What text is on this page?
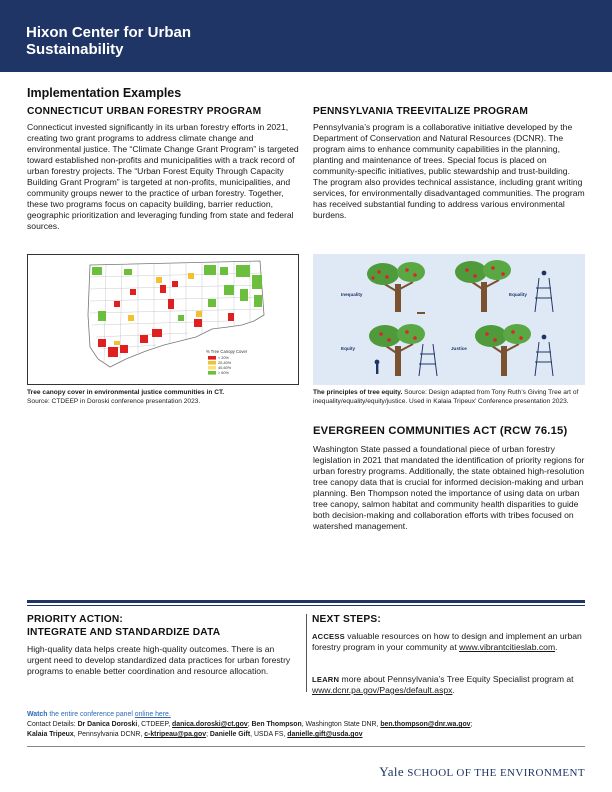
Hixon Center for Urban Sustainability
Implementation Examples
CONNECTICUT URBAN FORESTRY PROGRAM
Connecticut invested significantly in its urban forestry efforts in 2021, creating two grant programs to address climate change and environmental justice. The “Climate Change Grant Program” is targeted toward established non-profits and municipalities with a track record of urban forestry projects. The “Urban Forest Equity Through Capacity Building Grant Program” is targeted at non-profits, municipalities, and community groups newer to the practice of urban forestry. Together, these two programs focus on capacity building, barrier reduction, geographic prioritization and leveraging funding from state and federal sources.
% Tree Canopy Cover
< 20%
20-40%
40-60%
> 60%
Tree canopy cover in environmental justice communities in CT.
Source: CTDEEP in Doroski conference presentation 2023.
PENNSYLVANIA TREEVITALIZE PROGRAM
Pennsylvania’s program is a collaborative initiative developed by the Department of Conservation and Natural Resources (DCNR). The program aims to enhance community capabilities in the planning, planting and maintenance of trees. Special focus is placed on community-specific initiatives, public stewardship and trust-building. The program also provides technical assistance, including grant writing services, for environmentally disadvantaged communities. The program has received substantial funding to address various environmental burdens.
Inequality	Equality
Equity	Justice
The principles of tree equity. Source: Design adapted from Tony Ruth’s Giving Tree art of inequality/equality/equity/justice. Used in Kalaia Tripeux’ Conference presentation 2023.
EVERGREEN COMMUNITIES ACT (RCW 76.15)
Washington State passed a foundational piece of urban forestry legislation in 2021 that mandated the identification of priority regions for urban forestry programs. Additionally, the state obtained high-resolution tree canopy data that is crucial for informed decision-making and urban planning. Ben Thompson noted the importance of using data on urban tree canopy, salmon habitat and community health disparities to guide both decision-making and collaboration efforts with tribes focused on watershed management.
PRIORITY ACTION:
INTEGRATE AND STANDARDIZE DATA
High-quality data helps create high-quality outcomes. There is an urgent need to develop standardized data practices for urban forestry programs to enable better coordination and resource allocation.
NEXT STEPS:
ACCESS valuable resources on how to design and implement an urban forestry program in your community at www.vibrantcitieslab.com.
LEARN more about Pennsylvania’s Tree Equity Specialist program at www.dcnr.pa.gov/Pages/default.aspx.
Watch the entire conference panel online here.
Contact Details: Dr Danica Doroski, CTDEEP, danica.doroski@ct.gov; Ben Thompson, Washington State DNR, ben.thompson@dnr.wa.gov;
Kalaia Tripeux, Pennsylvania DCNR, c-ktripeau@pa.gov; Danielle Gift, USDA FS, danielle.gift@usda.gov
Yale SCHOOL OF THE ENVIRONMENT
